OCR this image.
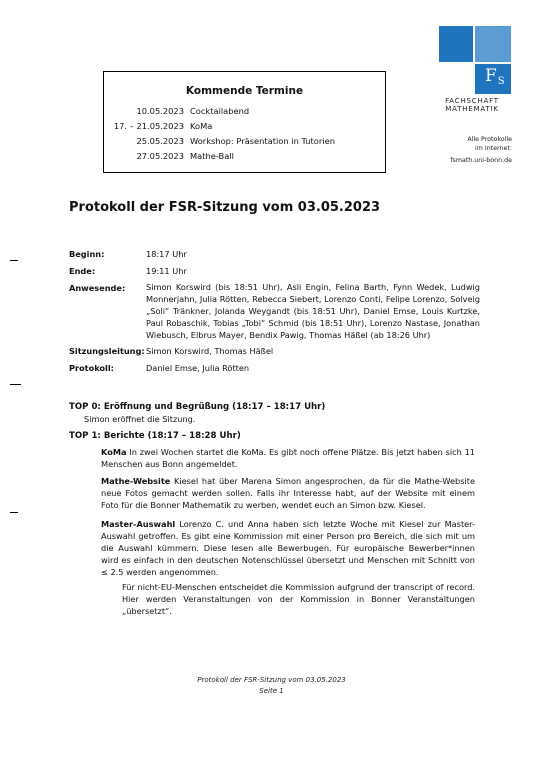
Kommende Termine
10.05.2023 Cocktailabend
17. – 21.05.2023 KoMa
25.05.2023 Workshop: Präsentation in Tutorien
27.05.2023 Mathe-Ball
FS
FACHSCHAFT
MATHEMATIK
Alle Protokolle
im Internet:
fsmath.uni-bonn.de
Protokoll der FSR-Sitzung vom 03.05.2023
Beginn:	18:17 Uhr
Ende:	19:11 Uhr
Anwesende:	Simon Korswird (bis 18:51 Uhr), Asli Engin, Felina Barth, Fynn Wedek, Ludwig Monnerjahn, Julia Rötten, Rebecca Siebert, Lorenzo Conti, Felipe Lorenzo, Solveig „Soli“ Tränkner, Jolanda Weygandt (bis 18:51 Uhr), Daniel Emse, Louis Kurtzke, Paul Robaschik, Tobias „Tobi“ Schmid (bis 18:51 Uhr), Lorenzo Nastase, Jonathan Wiebusch, Elbrus Mayer, Bendix Pawig, Thomas Häßel (ab 18:26 Uhr)
Sitzungsleitung: Simon Korswird, Thomas Häßel
Protokoll:	Daniel Emse, Julia Rötten
TOP 0: Eröffnung und Begrüßung (18:17 – 18:17 Uhr)
Simon eröffnet die Sitzung.
TOP 1: Berichte (18:17 – 18:28 Uhr)
KoMa In zwei Wochen startet die KoMa. Es gibt noch offene Plätze. Bis jetzt haben sich 11 Menschen aus Bonn angemeldet.
Mathe-Website Kiesel hat über Marena Simon angesprochen, da für die Mathe-Website neue Fotos gemacht werden sollen. Falls ihr Interesse habt, auf der Website mit einem Foto für die Bonner Mathematik zu werben, wendet euch an Simon bzw. Kiesel.
Master-Auswahl Lorenzo C. und Anna haben sich letzte Woche mit Kiesel zur Master-Auswahl getroffen. Es gibt eine Kommission mit einer Person pro Bereich, die sich mit um die Auswahl kümmern. Diese lesen alle Bewerbugen. Für europäische Bewerber*innen wird es einfach in den deutschen Notenschlüssel übersetzt und Menschen mit Schnitt von ≤ 2.5 werden angenommen.
Für nicht-EU-Menschen entscheidet die Kommission aufgrund der transcript of record. Hier werden Veranstaltungen von der Kommission in Bonner Veranstaltungen „übersetzt“.
Protokoll der FSR-Sitzung vom 03.05.2023
Seite 1
